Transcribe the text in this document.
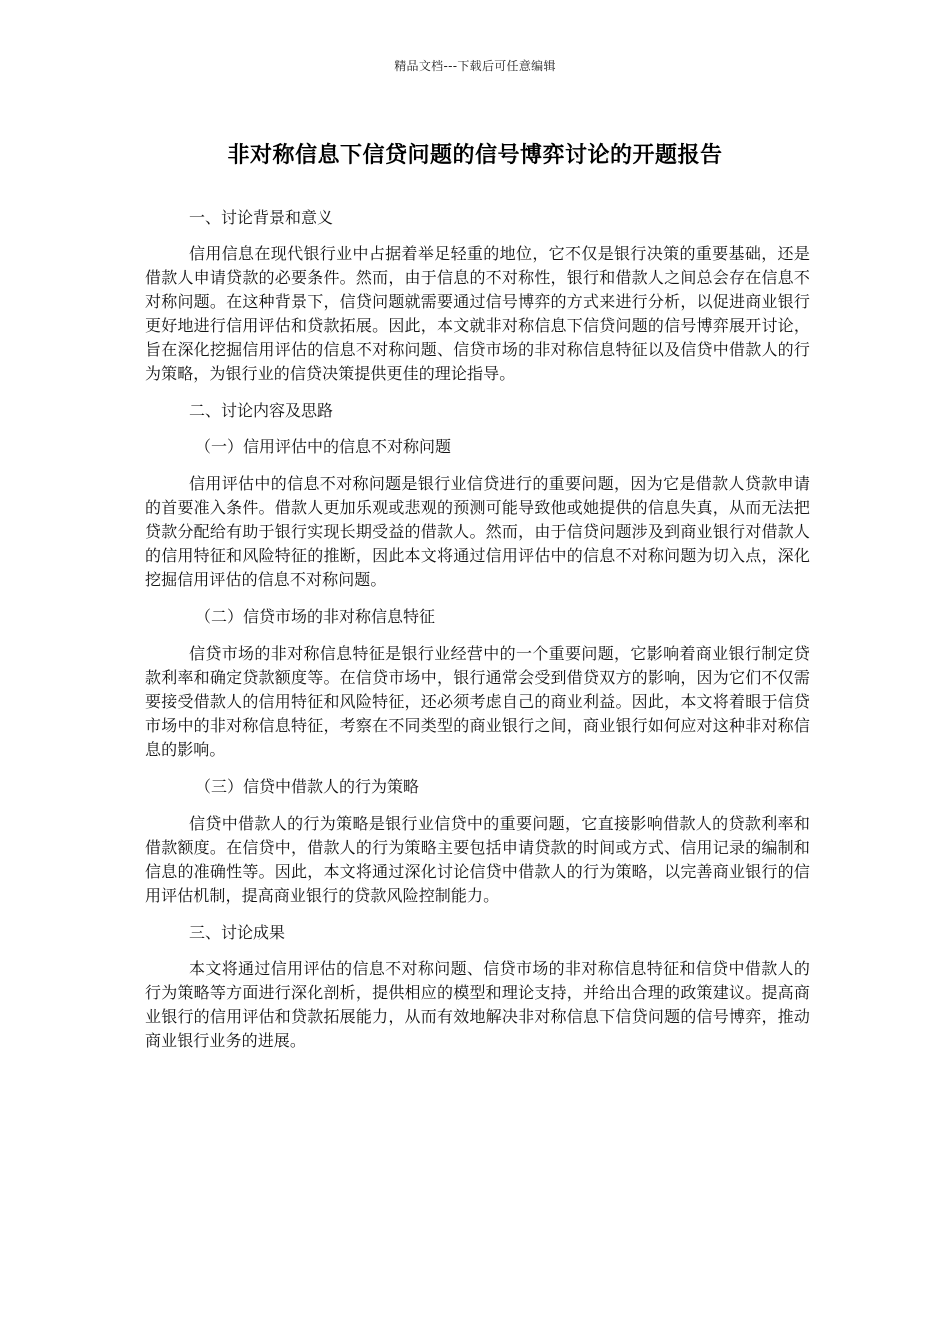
精品文档---下载后可任意编辑
非对称信息下信贷问题的信号博弈讨论的开题报告
一、讨论背景和意义

信用信息在现代银行业中占据着举足轻重的地位，它不仅是银行决策的重要基础，还是借款人申请贷款的必要条件。然而，由于信息的不对称性，银行和借款人之间总会存在信息不对称问题。在这种背景下，信贷问题就需要通过信号博弈的方式来进行分析，以促进商业银行更好地进行信用评估和贷款拓展。因此，本文就非对称信息下信贷问题的信号博弈展开讨论，旨在深化挖掘信用评估的信息不对称问题、信贷市场的非对称信息特征以及信贷中借款人的行为策略，为银行业的信贷决策提供更佳的理论指导。

二、讨论内容及思路
（一）信用评估中的信息不对称问题

信用评估中的信息不对称问题是银行业信贷进行的重要问题，因为它是借款人贷款申请的首要准入条件。借款人更加乐观或悲观的预测可能导致他或她提供的信息失真，从而无法把贷款分配给有助于银行实现长期受益的借款人。然而，由于信贷问题涉及到商业银行对借款人的信用特征和风险特征的推断，因此本文将通过信用评估中的信息不对称问题为切入点，深化挖掘信用评估的信息不对称问题。

（二）信贷市场的非对称信息特征

信贷市场的非对称信息特征是银行业经营中的一个重要问题，它影响着商业银行制定贷款利率和确定贷款额度等。在信贷市场中，银行通常会受到借贷双方的影响，因为它们不仅需要接受借款人的信用特征和风险特征，还必须考虑自己的商业利益。因此，本文将着眼于信贷市场中的非对称信息特征，考察在不同类型的商业银行之间，商业银行如何应对这种非对称信息的影响。

（三）信贷中借款人的行为策略

信贷中借款人的行为策略是银行业信贷中的重要问题，它直接影响借款人的贷款利率和借款额度。在信贷中，借款人的行为策略主要包括申请贷款的时间或方式、信用记录的编制和信息的准确性等。因此，本文将通过深化讨论信贷中借款人的行为策略，以完善商业银行的信用评估机制，提高商业银行的贷款风险控制能力。

三、讨论成果

本文将通过信用评估的信息不对称问题、信贷市场的非对称信息特征和信贷中借款人的行为策略等方面进行深化剖析，提供相应的模型和理论支持，并给出合理的政策建议。提高商业银行的信用评估和贷款拓展能力，从而有效地解决非对称信息下信贷问题的信号博弈，推动商业银行业务的进展。
